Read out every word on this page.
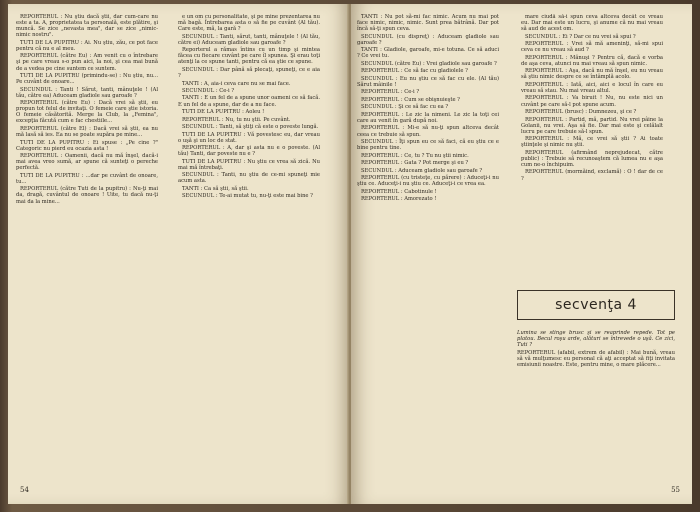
REPORTERUL : Nu ştiu dacă ştii, dar cum-care nu este a ta. A, proprietatea ta personală, este plătire, şi muncă. Se zice „nevasta mea", dar se zice „nimic-nimic nostru".

TUTI DE LA PUPITRU : Ai. Nu ştiu, zău, ce pot face pentru că nu e al meu.

REPORTERUL (către Eu) : Am venit cu o întrebare şi pe care vreau s-o pun aici, la noi, şi cea mai bună de a vedea pe cine suntem ce suntem.

TUTI DE LA PUPITRU (primindu-se) : Nu ştiu, nu... Pe cuvânt de onoare...

SECUNDUL : Tanti ! Sărut, tanti, mânuţele ! (Al tău, către ea) Aduceam gladiole sau garoafe ?

REPORTERUL (către Eu) : Dacă vrei să ştii, eu propun tot felul de invitaţi. O femeie care ştie istoria. O femeie căsătorită. Merge la Club, la „Femina", excepţia făcută cum e fac chestiile...

REPORTERUL (către El) : Dacă vrei să ştii, ea nu mă lasă să ies. Ea nu se poate supăra pe mine...

TUTI DE LA PUPITRU : Ei spuse : „Pe cine ?" Categoric nu pierd eu ocazia asta !

REPORTERUL : Oamenii, dacă nu mă înşel, dacă-i mai avea vreo sumă, ar spune că sunteţi o pereche perfectă.

TUTI DE LA PUPITRU : ...dar pe cuvânt de onoare, tu...

REPORTERUL (către Tuti de la pupitru) : Nu-ţi mai da, dragă, cuvântul de onoare ! Uite, tu dacă nu-ţi mai da la mine...

e un om cu personalitate, şi pe mine prezentarea nu mă bagă. Întrebarea asta o să fie pe cuvânt (Al tău). Care este, mă, la gară ?

SECUNDUL : Tanti, sărut, tanti, mânuţele ! (Al tău, către ei) Aduceam gladiole sau garoafe ?

Reporterul a rămas întins cu un timp şi mintea făcea cu fiecare cuvânt pe care îl spunea. Şi erau toţi atenţi la ce spune tanti, pentru că ea ştie ce spune.

SECUNDUL : Dar până să plecaţi, spuneţi, ce e aia ?

TANTI : A, aia-i ceva care nu se mai face.

SECUNDUL : Ce-i ?

TANTI : E un fel de a spune unor oameni ce să facă. E un fel de a spune, dar de a nu face.

TUTI DE LA PUPITRU : Aoleu !

REPORTERUL : Nu, tu nu ştii. Pe cuvânt.

SECUNDUL : Tanti, să ştiţi că este o poveste lungă.

TUTI DE LA PUPITRU : Vă povestesc eu, dar vreau o uşă şi un loc de stat.

REPORTERUL : A, dar şi asta nu e o poveste. (Al tău) Tanti, dar poveste nu e ?

TUTI DE LA PUPITRU : Nu ştiu ce vrea să zică. Nu mai mă întrebaţi.

SECUNDUL : Tanti, nu ştiu de ce-mi spuneţi mie acum asta.

TANTI : Ca să ştii, să ştii.

SECUNDUL : Te-ai mutat tu, nu-ţi este mai bine ?

54

TANTI : Nu pot să-mi fac nimic. Acum nu mai pot face nimic, nimic, nimic. Sunt prea bătrână. Dar pot încă să-ţi spun ceva.

SECUNDUL (cu dispreţ) : Aduceam gladiole sau garoafe ?

TANTI : Gladiole, garoafe, mi-e totuna. Ce să aduci ? Ce vrei tu.

SECUNDUL (către Eu) : Vrei gladiole sau garoafe ?

REPORTERUL : Ce să fac cu gladiolele ?

SECUNDUL : Eu nu ştiu ce să fac cu ele. (Al tău) Sărut mâinile !

REPORTERUL : Ce-i ?

REPORTERUL : Cum se obişnuieşte ?

SECUNDUL : Şi ce să fac cu ea ?

REPORTERUL : Le zic la nimeni. Le zic la toţi cei care au venit în gară după noi.

REPORTERUL : Mi-e să nu-ţi spun altceva decât ceea ce trebuie să spun.

SECUNDUL : Îţi spun eu ce să faci, că eu ştiu ce e bine pentru tine.

REPORTERUL : Ce, tu ? Tu nu ştii nimic.

REPORTERUL : Gata ? Pot merge şi eu ?

SECUNDUL : Aduceam gladiole sau garoafe ?

REPORTERUL (cu tristeţe, cu părere) : Aduceţi-i nu ştiu ce. Aduceţi-i nu ştiu ce. Aduceţi-i ce vrea ea.

REPORTERUL : Cabotinule !

REPORTERUL : Amorezato !

mare ciudă să-i spun ceva altceva decât ce vreau eu. Dar mai este un lucru, şi anume că nu mai vreau să aud de acest om.

SECUNDUL : Ei ? Dar ce nu vrei să spui ?

REPORTERUL : Vrei să mă ameninţi, să-mi spui ceva ce nu vreau să aud ?

REPORTERUL : Mănuşi ? Pentru că, dacă e vorba de aşa ceva, atunci nu mai vreau să spun nimic.

REPORTERUL : Aşa, dacă nu mă înşel, eu nu vreau să ştiu nimic despre ce se întâmplă acolo.

REPORTERUL : Iată, aici, aici e locul în care eu vreau să stau. Nu mai vreau altul.

REPORTERUL : Va biruit ! Nu, nu este nici un cuvânt pe care să-l pot spune acum.

REPORTERUL (brusc) : Dumnezeu, şi ce ?

REPORTERUL : Partid, mă, partid. Nu vrei pâine la Golanii, nu vrei. Aşa să fie. Dar mai este şi celălalt lucru pe care trebuie să-l spun.

REPORTERUL : Mă, ce vrei să ştii ? Ai toate ştiinţele şi nimic nu ştii.

REPORTERUL (afirmând neprejudecat, către public) : Trebuie să recunoaştem că lumea nu e aşa cum ne-o închipuim.

REPORTERUL (mormăind, exclamă) : O ! dar de ce ?

secvenţa 4

Lumina se stinge brusc şi se reaprinde repede. Tot pe platou. Becul roşu arde, alături se întrevede o uşă. Ce zici, Tuti ?

REPORTERUL (afabil, extrem de afabil) : Mai bună, vreau să vă mulţumesc eu personal că aţi acceptat să fiţi invitata emisiunii noastre. Este, pentru mine, o mare plăcere...

55
